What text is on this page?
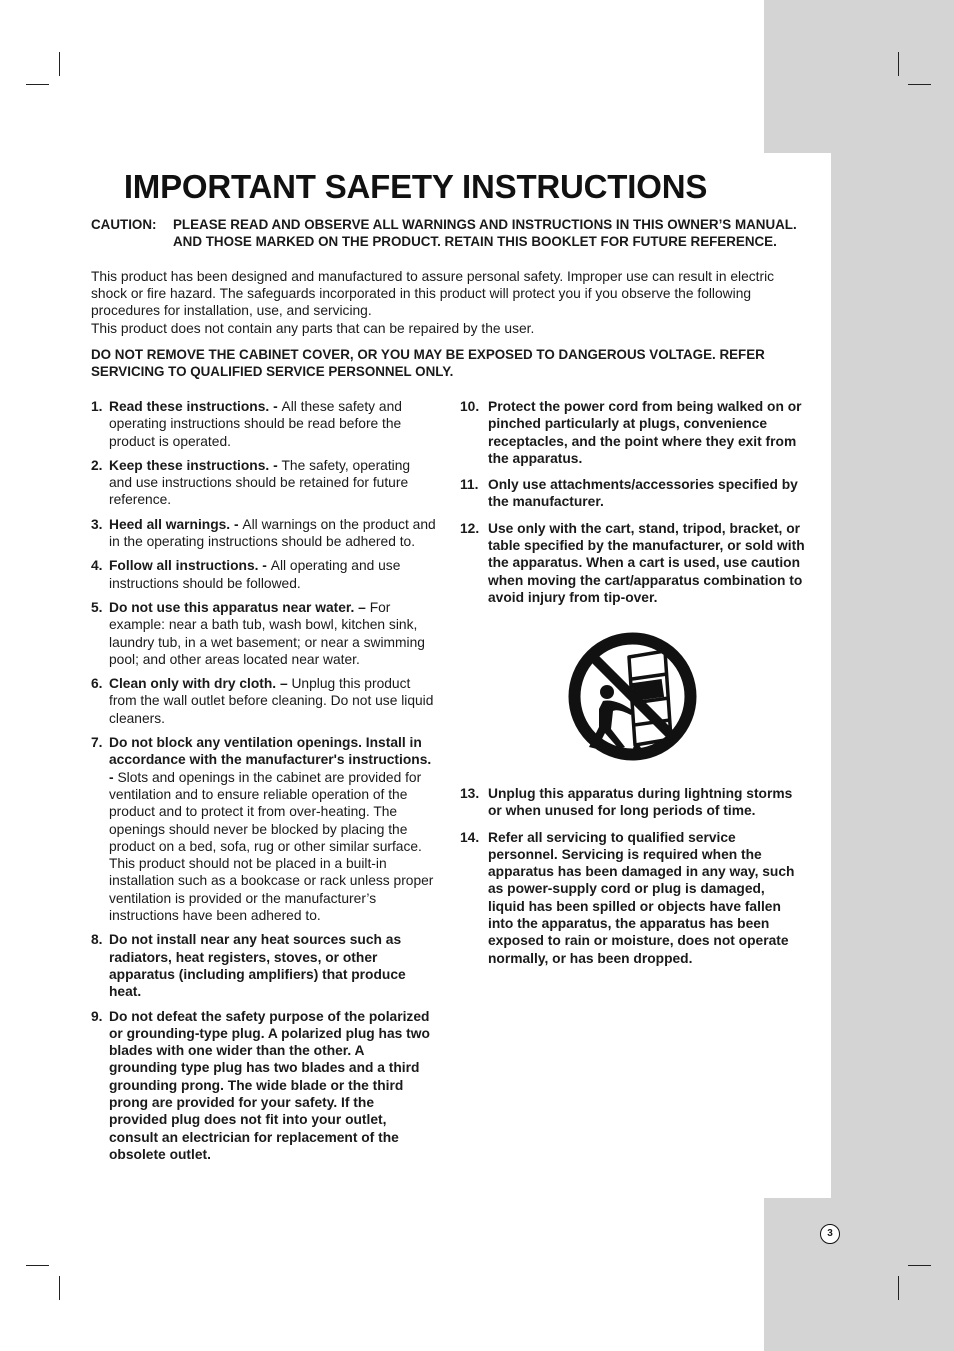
IMPORTANT SAFETY INSTRUCTIONS
CAUTION: PLEASE READ AND OBSERVE ALL WARNINGS AND INSTRUCTIONS IN THIS OWNER’S MANUAL. AND THOSE MARKED ON THE PRODUCT. RETAIN THIS BOOKLET FOR FUTURE REFERENCE.

This product has been designed and manufactured to assure personal safety. Improper use can result in electric shock or fire hazard. The safeguards incorporated in this product will protect you if you observe the following procedures for installation, use, and servicing.

This product does not contain any parts that can be repaired by the user.

DO NOT REMOVE THE CABINET COVER, OR YOU MAY BE EXPOSED TO DANGEROUS VOLTAGE. REFER SERVICING TO QUALIFIED SERVICE PERSONNEL ONLY.
1. Read these instructions. - All these safety and operating instructions should be read before the product is operated.
2. Keep these instructions. - The safety, operating and use instructions should be retained for future reference.
3. Heed all warnings. - All warnings on the product and in the operating instructions should be adhered to.
4. Follow all instructions. - All operating and use instructions should be followed.
5. Do not use this apparatus near water. – For example: near a bath tub, wash bowl, kitchen sink, laundry tub, in a wet basement; or near a swimming pool; and other areas located near water.
6. Clean only with dry cloth. – Unplug this product from the wall outlet before cleaning. Do not use liquid cleaners.
7. Do not block any ventilation openings. Install in accordance with the manufacturer's instructions. - Slots and openings in the cabinet are provided for ventilation and to ensure reliable operation of the product and to protect it from over-heating. The openings should never be blocked by placing the product on a bed, sofa, rug or other similar surface. This product should not be placed in a built-in installation such as a bookcase or rack unless proper ventilation is provided or the manufacturer’s instructions have been adhered to.
8. Do not install near any heat sources such as radiators, heat registers, stoves, or other apparatus (including amplifiers) that produce heat.
9. Do not defeat the safety purpose of the polarized or grounding-type plug. A polarized plug has two blades with one wider than the other. A grounding type plug has two blades and a third grounding prong. The wide blade or the third prong are provided for your safety. If the provided plug does not fit into your outlet, consult an electrician for replacement of the obsolete outlet.
10. Protect the power cord from being walked on or pinched particularly at plugs, convenience receptacles, and the point where they exit from the apparatus.
11. Only use attachments/accessories specified by the manufacturer.
12. Use only with the cart, stand, tripod, bracket, or table specified by the manufacturer, or sold with the apparatus. When a cart is used, use caution when moving the cart/apparatus combination to avoid injury from tip-over.
13. Unplug this apparatus during lightning storms or when unused for long periods of time.
14. Refer all servicing to qualified service personnel. Servicing is required when the apparatus has been damaged in any way, such as power-supply cord or plug is damaged, liquid has been spilled or objects have fallen into the apparatus, the apparatus has been exposed to rain or moisture, does not operate normally, or has been dropped.
3
